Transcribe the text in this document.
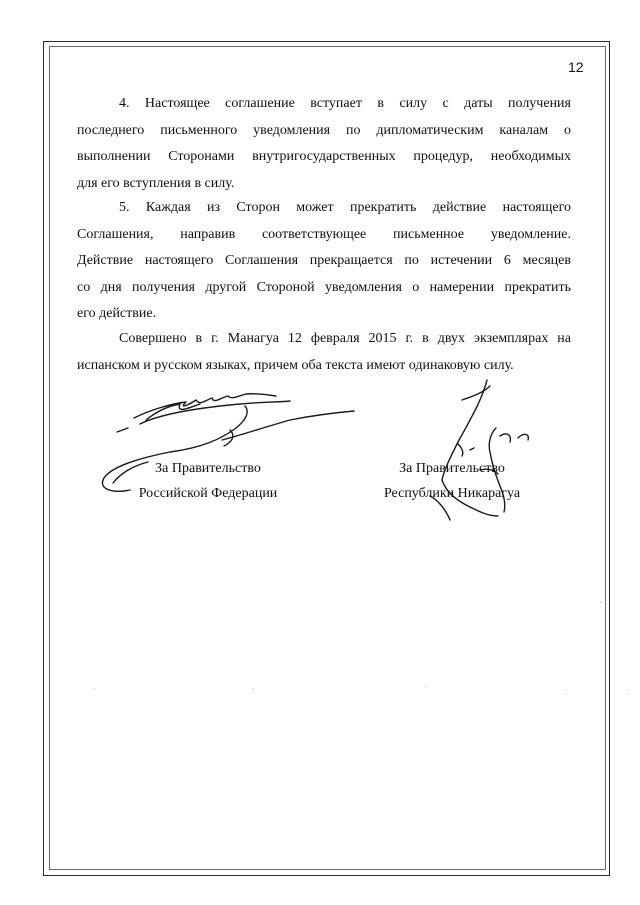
12

4. Настоящее соглашение вступает в силу с даты получения
последнего письменного уведомления по дипломатическим каналам о
выполнении Сторонами внутригосударственных процедур, необходимых
для его вступления в силу.

5. Каждая из Сторон может прекратить действие настоящего
Соглашения, направив соответствующее письменное уведомление.
Действие настоящего Соглашения прекращается по истечении 6 месяцев
со дня получения другой Стороной уведомления о намерении прекратить
его действие.

Совершено в г. Манагуа 12 февраля 2015 г. в двух экземплярах на
испанском и русском языках, причем оба текста имеют одинаковую силу.

За Правительство
Российской Федерации
За Правительство
Республики Никарагуа
